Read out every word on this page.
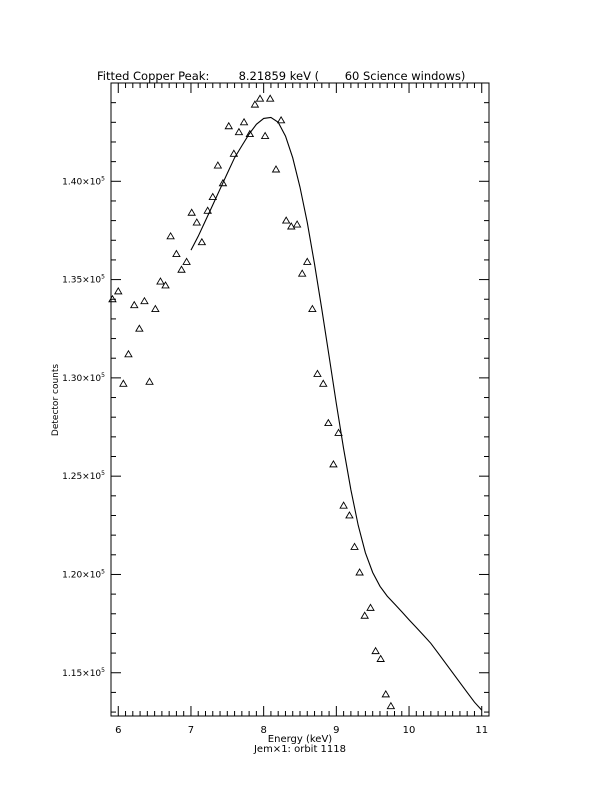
Fitted Copper Peak:        8.21859 keV (       60 Science windows)
6	7	8	9	10	11
$1.15\times 10^5$
$1.20\times 10^5$
$1.25\times 10^5$
$1.30\times 10^5$
$1.35\times 10^5$
$1.40\times 10^5$
Energy (keV)
Jem×1: orbit 1118
Detector counts
